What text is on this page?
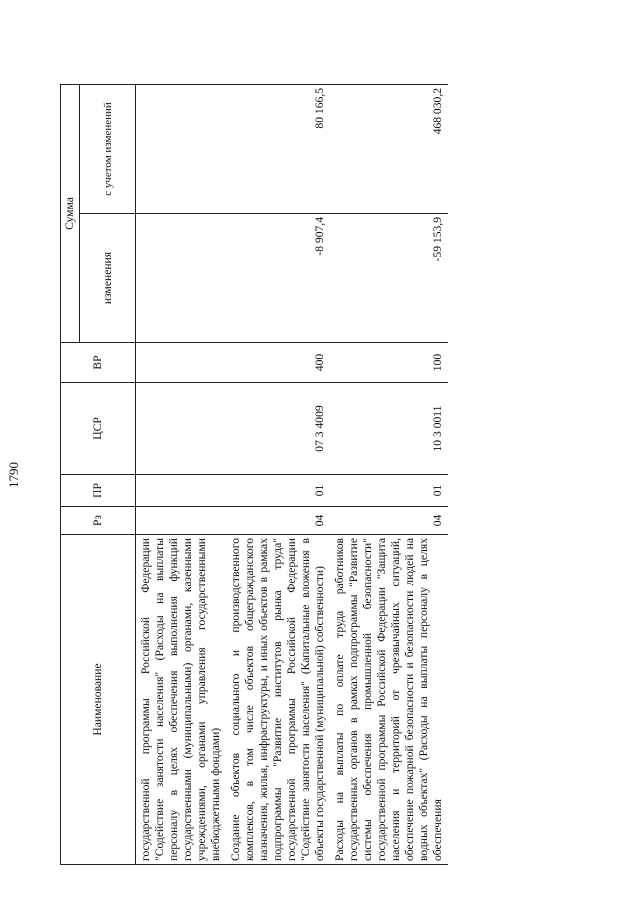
1790
Наименование	Рз	ПР	ЦСР	ВР	Сумма	
					изменения	с учетом изменений
государственной программы Российской Федерации "Содействие занятости населения" (Расходы на выплаты персоналу в целях обеспечения выполнения функций государственными (муниципальными) органами, казенными учреждениями, органами управления государственными внебюджетными фондами)						
Создание объектов социального и производственного комплексов, в том числе объектов общегражданского назначения, жилья, инфраструктуры, и иных объектов в рамках подпрограммы "Развитие институтов рынка труда" государственной программы Российской Федерации "Содействие занятости населения" (Капитальные вложения в объекты государственной (муниципальной) собственности)	04	01	07 3 4009	400	-8 907,4	80 166,5
Расходы на выплаты по оплате труда работников государственных органов в рамках подпрограммы "Развитие системы обеспечения промышленной безопасности" государственной программы Российской Федерации "Защита населения и территорий от чрезвычайных ситуаций, обеспечение пожарной безопасности и безопасности людей на водных объектах" (Расходы на выплаты персоналу в целях обеспечения	04	01	10 3 0011	100	-59 153,9	468 030,2
